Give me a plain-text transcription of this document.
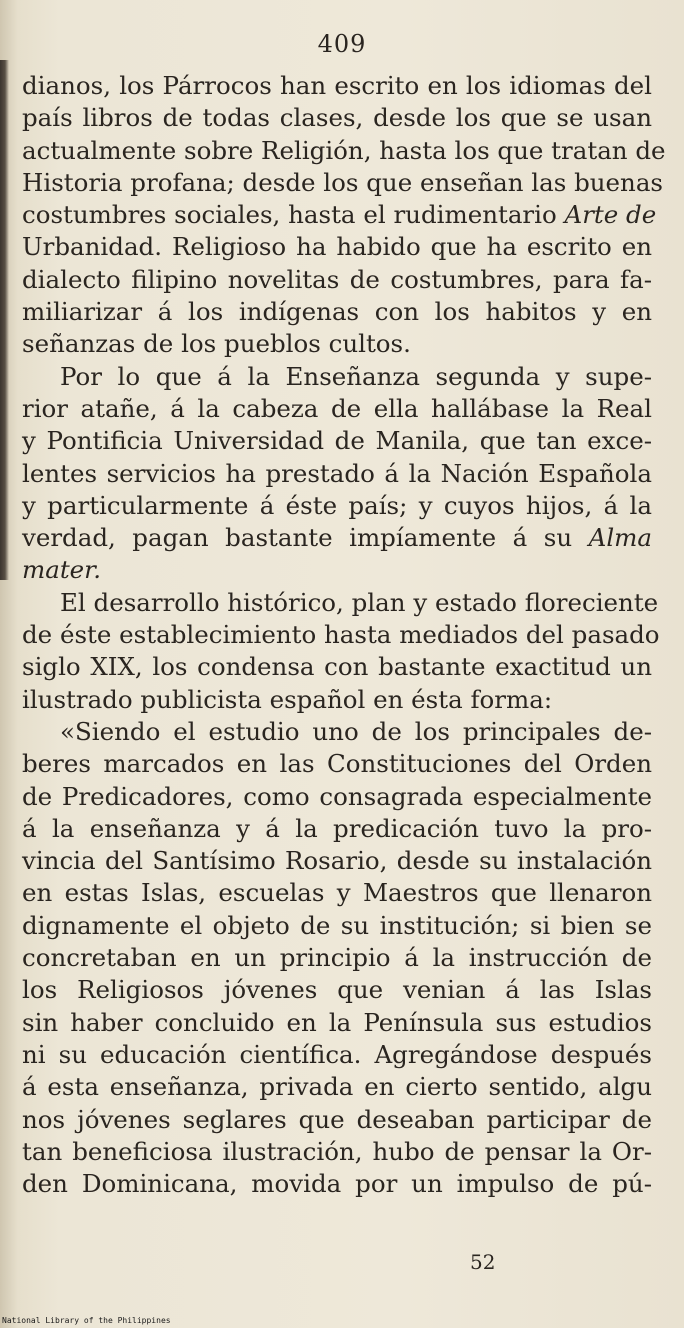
409
dianos, los Párrocos han escrito en los idiomas del
país libros de todas clases, desde los que se usan
actualmente sobre Religión, hasta los que tratan de
Historia profana; desde los que enseñan las buenas
costumbres sociales, hasta el rudimentario Arte de
Urbanidad. Religioso ha habido que ha escrito en
dialecto filipino novelitas de costumbres, para fa-
miliarizar á los indígenas con los habitos y en
señanzas de los pueblos cultos.
Por lo que á la Enseñanza segunda y supe-
rior atañe, á la cabeza de ella hallábase la Real
y Pontificia Universidad de Manila, que tan exce-
lentes servicios ha prestado á la Nación Española
y particularmente á éste país; y cuyos hijos, á la
verdad, pagan bastante impíamente á su Alma
mater.
El desarrollo histórico, plan y estado floreciente
de éste establecimiento hasta mediados del pasado
siglo XIX, los condensa con bastante exactitud un
ilustrado publicista español en ésta forma:
«Siendo el estudio uno de los principales de-
beres marcados en las Constituciones del Orden
de Predicadores, como consagrada especialmente
á la enseñanza y á la predicación tuvo la pro-
vincia del Santísimo Rosario, desde su instalación
en estas Islas, escuelas y Maestros que llenaron
dignamente el objeto de su institución; si bien se
concretaban en un principio á la instrucción de
los Religiosos jóvenes que venian á las Islas
sin haber concluido en la Península sus estudios
ni su educación científica. Agregándose después
á esta enseñanza, privada en cierto sentido, algu
nos jóvenes seglares que deseaban participar de
tan beneficiosa ilustración, hubo de pensar la Or-
den Dominicana, movida por un impulso de pú-
52
National Library of the Philippines
